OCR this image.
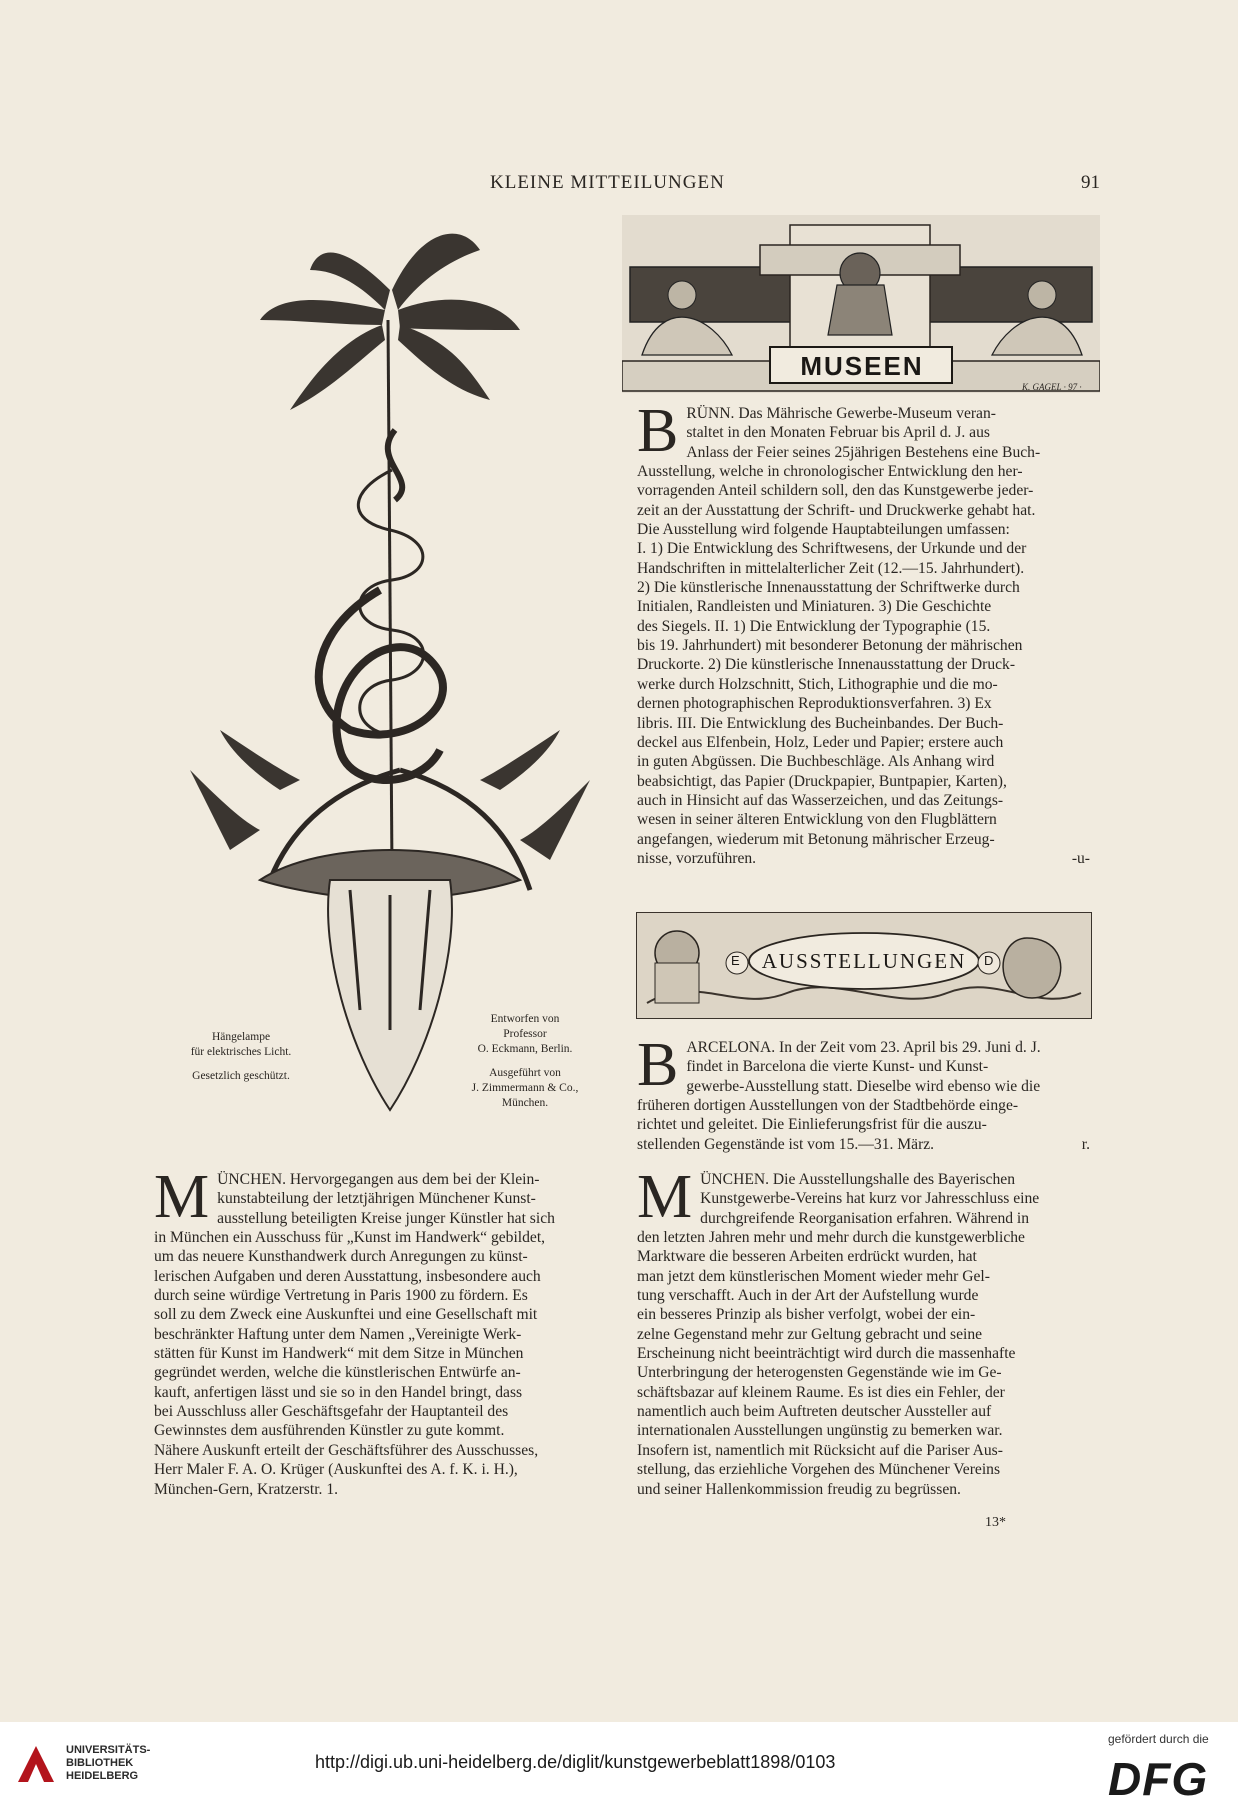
KLEINE MITTEILUNGEN	91
Hängelampe
für elektrisches Licht.
Gesetzlich geschützt.
Entworfen von
Professor
O. Eckmann, Berlin.
Ausgeführt von
J. Zimmermann & Co.,
München.
MUSEEN
K. GAGEL · 97 ·
B RÜNN. Das Mährische Gewerbe-Museum veran-
staltet in den Monaten Februar bis April d. J. aus
Anlass der Feier seines 25jährigen Bestehens eine Buch-
Ausstellung, welche in chronologischer Entwicklung den her-
vorragenden Anteil schildern soll, den das Kunstgewerbe jeder-
zeit an der Ausstattung der Schrift- und Druckwerke gehabt hat.
Die Ausstellung wird folgende Hauptabteilungen umfassen:
I. 1) Die Entwicklung des Schriftwesens, der Urkunde und der
Handschriften in mittelalterlicher Zeit (12.—15. Jahrhundert).
2) Die künstlerische Innenausstattung der Schriftwerke durch
Initialen, Randleisten und Miniaturen. 3) Die Geschichte
des Siegels. II. 1) Die Entwicklung der Typographie (15.
bis 19. Jahrhundert) mit besonderer Betonung der mährischen
Druckorte. 2) Die künstlerische Innenausstattung der Druck-
werke durch Holzschnitt, Stich, Lithographie und die mo-
dernen photographischen Reproduktionsverfahren. 3) Ex
libris. III. Die Entwicklung des Bucheinbandes. Der Buch-
deckel aus Elfenbein, Holz, Leder und Papier; erstere auch
in guten Abgüssen. Die Buchbeschläge. Als Anhang wird
beabsichtigt, das Papier (Druckpapier, Buntpapier, Karten),
auch in Hinsicht auf das Wasserzeichen, und das Zeitungs-
wesen in seiner älteren Entwicklung von den Flugblättern
angefangen, wiederum mit Betonung mährischer Erzeug-
nisse, vorzuführen.	-u-
AUSSTELLUNGEN
E	D
B ARCELONA. In der Zeit vom 23. April bis 29. Juni d. J.
findet in Barcelona die vierte Kunst- und Kunst-
gewerbe-Ausstellung statt. Dieselbe wird ebenso wie die
früheren dortigen Ausstellungen von der Stadtbehörde einge-
richtet und geleitet. Die Einlieferungsfrist für die auszu-
stellenden Gegenstände ist vom 15.—31. März.	r.
M ÜNCHEN. Die Ausstellungshalle des Bayerischen
Kunstgewerbe-Vereins hat kurz vor Jahresschluss eine
durchgreifende Reorganisation erfahren. Während in
den letzten Jahren mehr und mehr durch die kunstgewerbliche
Marktware die besseren Arbeiten erdrückt wurden, hat
man jetzt dem künstlerischen Moment wieder mehr Gel-
tung verschafft. Auch in der Art der Aufstellung wurde
ein besseres Prinzip als bisher verfolgt, wobei der ein-
zelne Gegenstand mehr zur Geltung gebracht und seine
Erscheinung nicht beeinträchtigt wird durch die massenhafte
Unterbringung der heterogensten Gegenstände wie im Ge-
schäftsbazar auf kleinem Raume. Es ist dies ein Fehler, der
namentlich auch beim Auftreten deutscher Aussteller auf
internationalen Ausstellungen ungünstig zu bemerken war.
Insofern ist, namentlich mit Rücksicht auf die Pariser Aus-
stellung, das erziehliche Vorgehen des Münchener Vereins
und seiner Hallenkommission freudig zu begrüssen.
M ÜNCHEN. Hervorgegangen aus dem bei der Klein-
kunstabteilung der letztjährigen Münchener Kunst-
ausstellung beteiligten Kreise junger Künstler hat sich
in München ein Ausschuss für „Kunst im Handwerk“ gebildet,
um das neuere Kunsthandwerk durch Anregungen zu künst-
lerischen Aufgaben und deren Ausstattung, insbesondere auch
durch seine würdige Vertretung in Paris 1900 zu fördern. Es
soll zu dem Zweck eine Auskunftei und eine Gesellschaft mit
beschränkter Haftung unter dem Namen „Vereinigte Werk-
stätten für Kunst im Handwerk“ mit dem Sitze in München
gegründet werden, welche die künstlerischen Entwürfe an-
kauft, anfertigen lässt und sie so in den Handel bringt, dass
bei Ausschluss aller Geschäftsgefahr der Hauptanteil des
Gewinnstes dem ausführenden Künstler zu gute kommt.
Nähere Auskunft erteilt der Geschäftsführer des Ausschusses,
Herr Maler F. A. O. Krüger (Auskunftei des A. f. K. i. H.),
München-Gern, Kratzerstr. 1.
13*
UNIVERSITÄTS-
BIBLIOTHEK
HEIDELBERG
http://digi.ub.uni-heidelberg.de/diglit/kunstgewerbeblatt1898/0103
gefördert durch die
DFG
